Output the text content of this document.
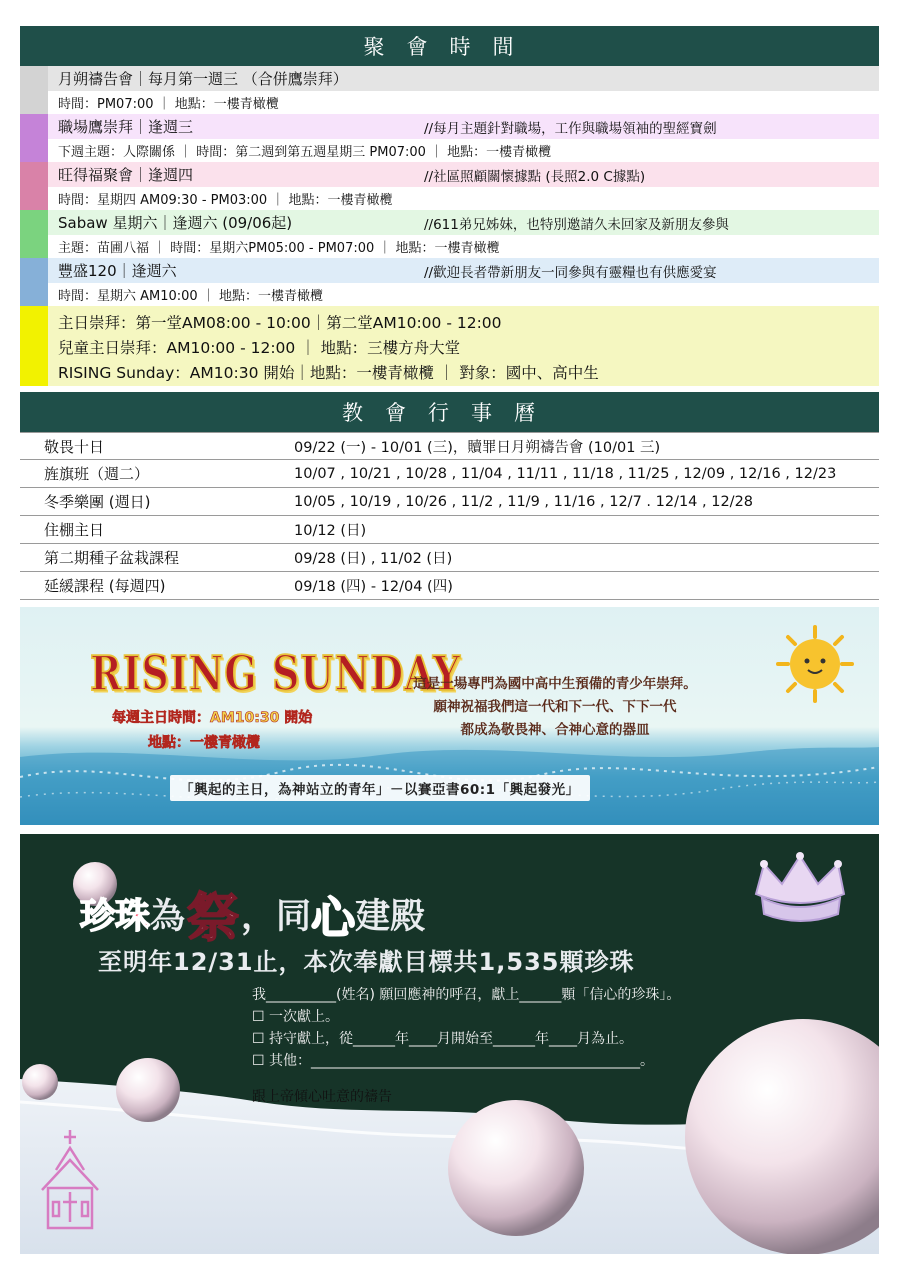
聚會時間
月朔禱告會｜每月第一週三 （合併鷹崇拜）
時間：PM07:00 ｜ 地點：一樓青橄欖
職場鷹崇拜｜逢週三	//每月主題針對職場，工作與職場領袖的聖經寶劍
下週主題：人際關係 ｜ 時間：第二週到第五週星期三 PM07:00 ｜ 地點：一樓青橄欖
旺得福聚會｜逢週四	//社區照顧關懷據點 (長照2.0 C據點)
時間：星期四 AM09:30 - PM03:00 ｜ 地點：一樓青橄欖
Sabaw 星期六｜逢週六 (09/06起)	//611弟兄姊妹，也特別邀請久未回家及新朋友參與
主題：苗圃八福 ｜ 時間：星期六PM05:00 - PM07:00 ｜ 地點：一樓青橄欖
豐盛120｜逢週六	//歡迎長者帶新朋友一同參與有靈糧也有供應愛宴
時間：星期六 AM10:00 ｜ 地點：一樓青橄欖
主日崇拜：第一堂AM08:00 - 10:00｜第二堂AM10:00 - 12:00
兒童主日崇拜：AM10:00 - 12:00 ｜ 地點：三樓方舟大堂
RISING Sunday：AM10:30 開始｜地點：一樓青橄欖 ｜ 對象：國中、高中生
教會行事曆
敬畏十日	09/22 (一) - 10/01 (三)，贖罪日月朔禱告會 (10/01 三)
旌旗班（週二）	10/07 , 10/21 , 10/28 , 11/04 , 11/11 , 11/18 , 11/25 , 12/09 , 12/16 , 12/23
冬季樂團 (週日)	10/05 , 10/19 , 10/26 , 11/2 , 11/9 , 11/16 , 12/7 . 12/14 , 12/28
住棚主日	10/12 (日)
第二期種子盆栽課程	09/28 (日) , 11/02 (日)
延緩課程 (每週四)	09/18 (四) - 12/04 (四)
RISING SUNDAY
每週主日時間：AM10:30 開始
地點：一樓青橄欖
這是一場專門為國中高中生預備的青少年崇拜。
願神祝福我們這一代和下一代、下下一代
都成為敬畏神、合神心意的器皿
「興起的主日，為神站立的青年」－以賽亞書60:1「興起發光」
珍珠 為 祭 ，同 心 建殿
至明年12/31止，本次奉獻目標共1,535顆珍珠
我__________(姓名) 願回應神的呼召，獻上______顆「信心的珍珠」。
☐ 一次獻上。
☐ 持守獻上，從______年____月開始至______年____月為止。
☐ 其他：_______________________________________________。
跟上帝傾心吐意的禱告
